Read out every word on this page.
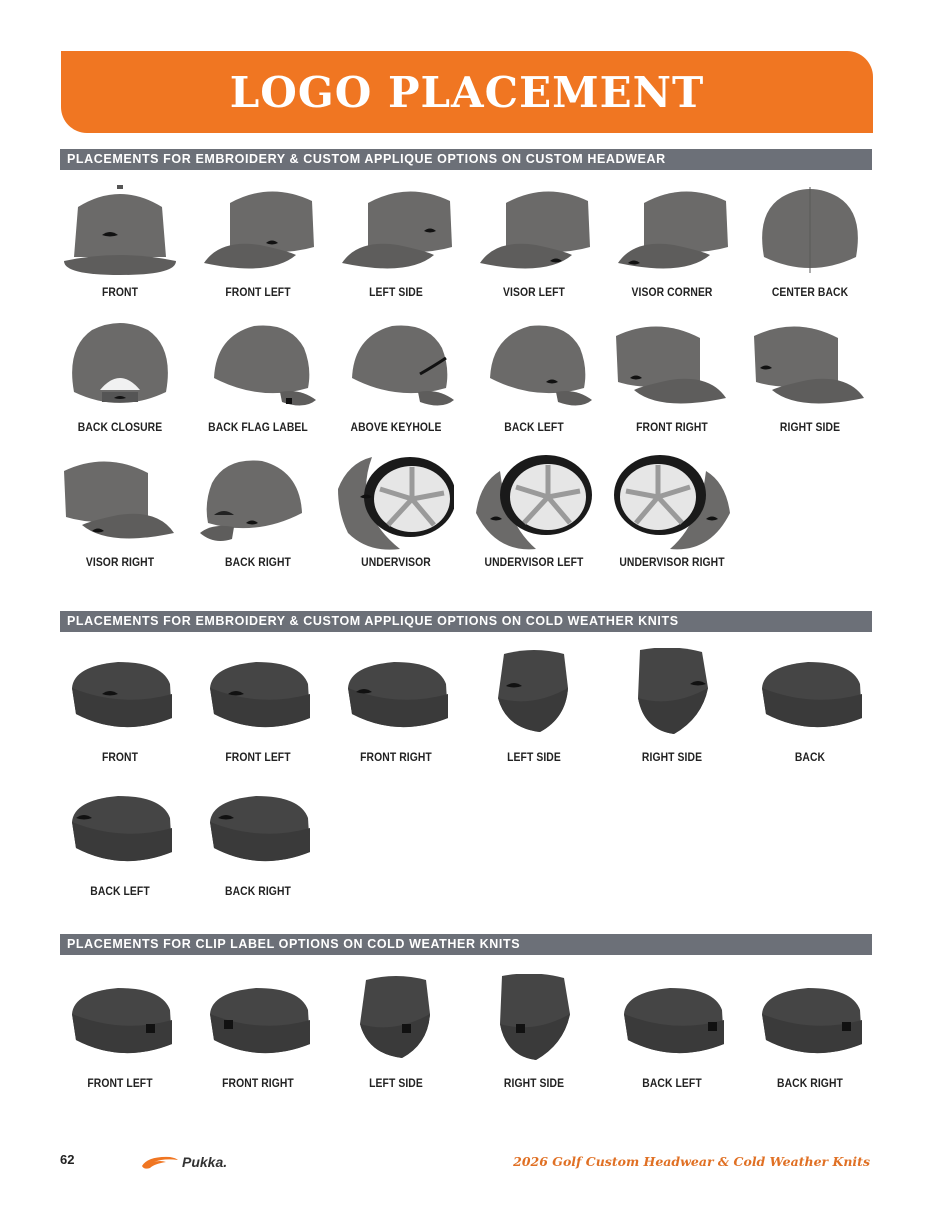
LOGO PLACEMENT
PLACEMENTS FOR EMBROIDERY & CUSTOM APPLIQUE OPTIONS ON CUSTOM HEADWEAR
PLACEMENTS FOR EMBROIDERY & CUSTOM APPLIQUE OPTIONS ON COLD WEATHER KNITS
PLACEMENTS FOR CLIP LABEL OPTIONS ON COLD WEATHER KNITS
FRONT	FRONT LEFT	LEFT SIDE	VISOR LEFT	VISOR CORNER	CENTER BACK
BACK CLOSURE	BACK FLAG LABEL	ABOVE KEYHOLE	BACK LEFT	FRONT RIGHT	RIGHT SIDE
VISOR RIGHT	BACK RIGHT	UNDERVISOR	UNDERVISOR LEFT	UNDERVISOR RIGHT
FRONT	FRONT LEFT	FRONT RIGHT	LEFT SIDE	RIGHT SIDE	BACK
BACK LEFT	BACK RIGHT
FRONT LEFT	FRONT RIGHT	LEFT SIDE	RIGHT SIDE	BACK LEFT	BACK RIGHT
62	Pukka.	2026 Golf Custom Headwear & Cold Weather Knits
